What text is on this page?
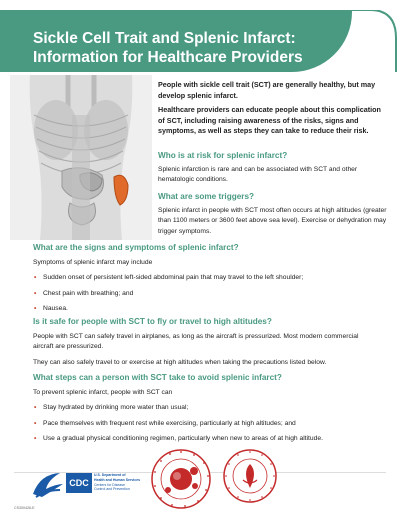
Sickle Cell Trait and Splenic Infarct: Information for Healthcare Providers

People with sickle cell trait (SCT) are generally healthy, but may develop splenic infarct.

Healthcare providers can educate people about this complication of SCT, including raising awareness of the risks, signs and symptoms, as well as steps they can take to reduce their risk.

Who is at risk for splenic infarct?
Splenic infarction is rare and can be associated with SCT and other hematologic conditions.
What are some triggers?
Splenic infarct in people with SCT most often occurs at high altitudes (greater than 1100 meters or 3600 feet above sea level). Exercise or dehydration may trigger symptoms.
What are the signs and symptoms of splenic infarct?
Symptoms of splenic infarct may include
• Sudden onset of persistent left-sided abdominal pain that may travel to the left shoulder;
• Chest pain with breathing; and
• Nausea.
Is it safe for people with SCT to fly or travel to high altitudes?
People with SCT can safely travel in airplanes, as long as the aircraft is pressurized. Most modern commercial aircraft are pressurized.
They can also safely travel to or exercise at high altitudes when taking the precautions listed below.
What steps can a person with SCT take to avoid splenic infarct?
To prevent splenic infarct, people with SCT can
• Stay hydrated by drinking more water than usual;
• Pace themselves with frequent rest while exercising, particularly at high altitudes; and
• Use a gradual physical conditioning regimen, particularly when new to areas of at high altitude.
CDC
U.S. Department of
Health and Human Services
Centers for Disease
Control and Prevention
CS300426-E
